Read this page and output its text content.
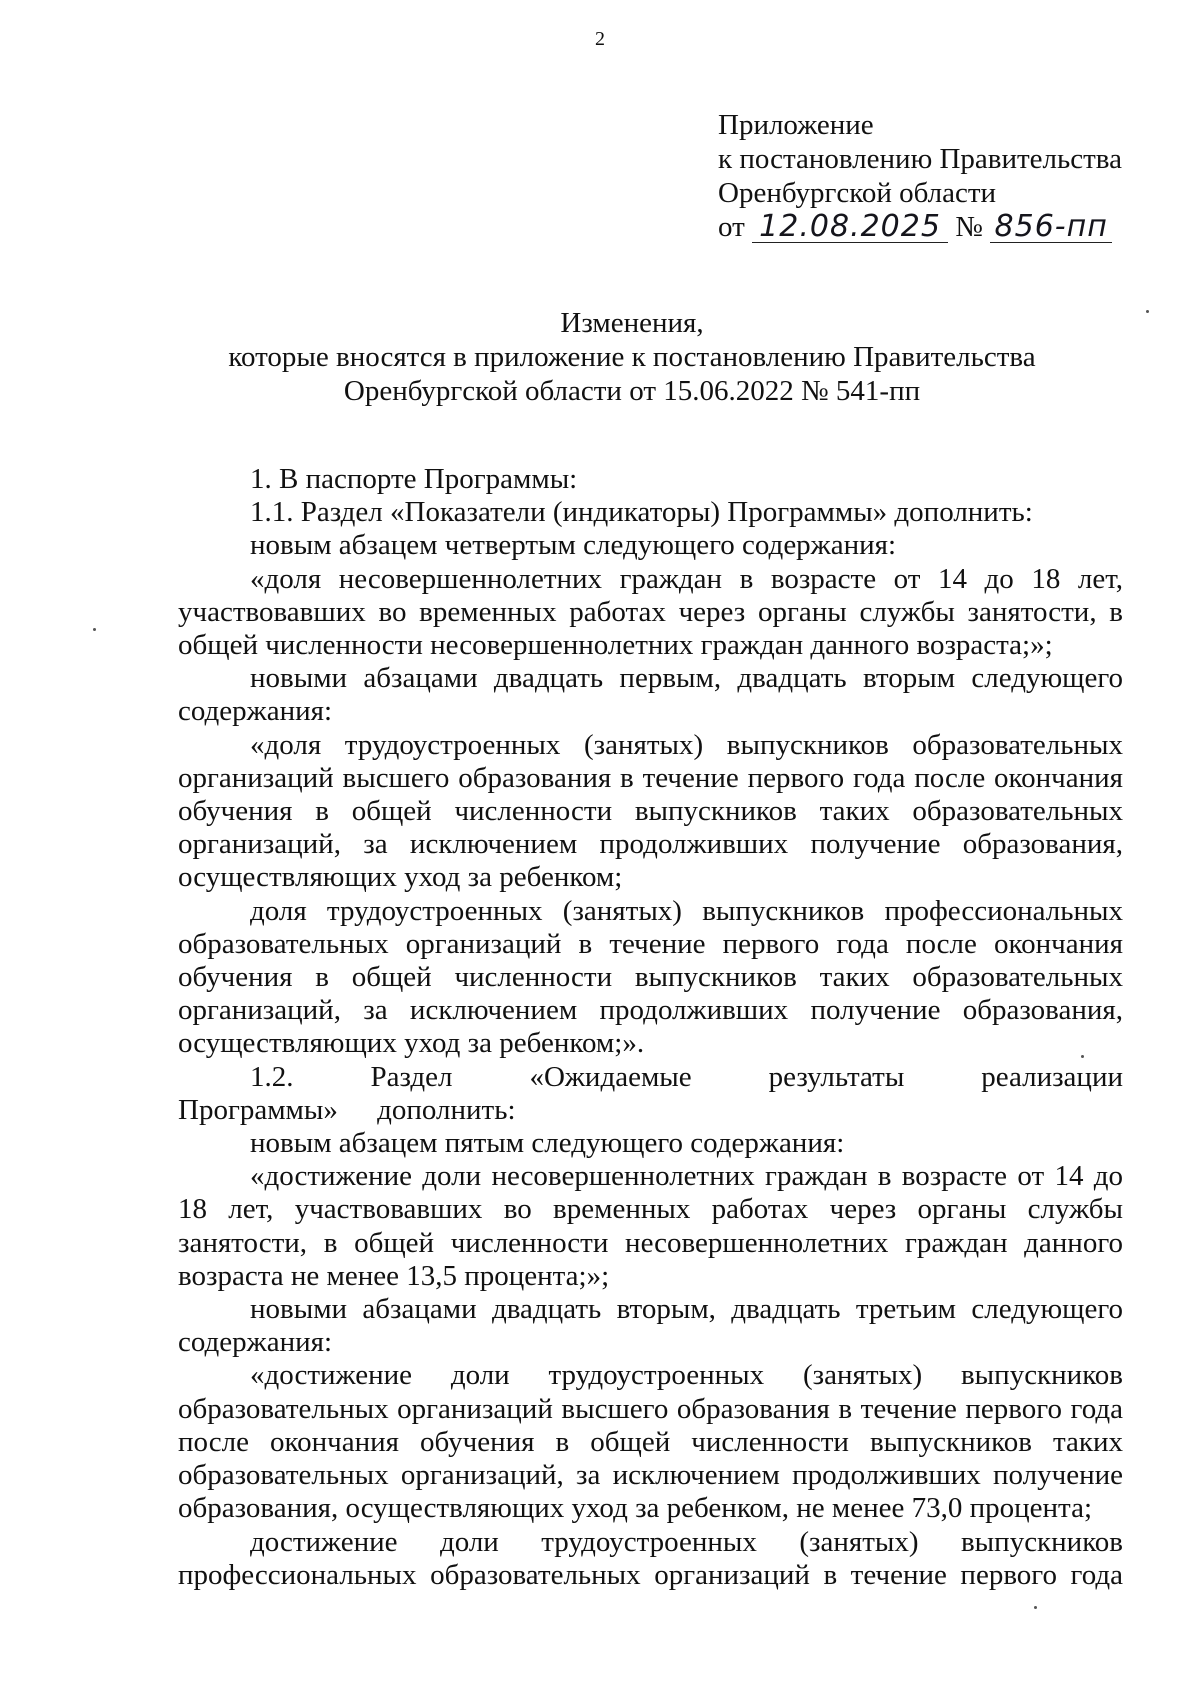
2
Приложение
к постановлению Правительства
Оренбургской области
от 12.08.2025 № 856-пп
Изменения,
которые вносятся в приложение к постановлению Правительства
Оренбургской области от 15.06.2022 № 541-пп

1. В паспорте Программы:

1.1. Раздел «Показатели (индикаторы) Программы» дополнить:

новым абзацем четвертым следующего содержания:

«доля несовершеннолетних граждан в возрасте от 14 до 18 лет, участвовавших во временных работах через органы службы занятости, в общей численности несовершеннолетних граждан данного возраста;»;

новыми абзацами двадцать первым, двадцать вторым следующего содержания:

«доля трудоустроенных (занятых) выпускников образовательных организаций высшего образования в течение первого года после окончания обучения в общей численности выпускников таких образовательных организаций, за исключением продолживших получение образования, осуществляющих уход за ребенком;

доля трудоустроенных (занятых) выпускников профессиональных образовательных организаций в течение первого года после окончания обучения в общей численности выпускников таких образовательных организаций, за исключением продолживших получение образования, осуществляющих уход за ребенком;».

1.2. Раздел «Ожидаемые результаты реализации Программы» дополнить:

новым абзацем пятым следующего содержания:

«достижение доли несовершеннолетних граждан в возрасте от 14 до 18 лет, участвовавших во временных работах через органы службы занятости, в общей численности несовершеннолетних граждан данного возраста не менее 13,5 процента;»;

новыми абзацами двадцать вторым, двадцать третьим следующего содержания:

«достижение доли трудоустроенных (занятых) выпускников образовательных организаций высшего образования в течение первого года после окончания обучения в общей численности выпускников таких образовательных организаций, за исключением продолживших получение образования, осуществляющих уход за ребенком, не менее 73,0 процента;

достижение доли трудоустроенных (занятых) выпускников профессиональных образовательных организаций в течение первого года
